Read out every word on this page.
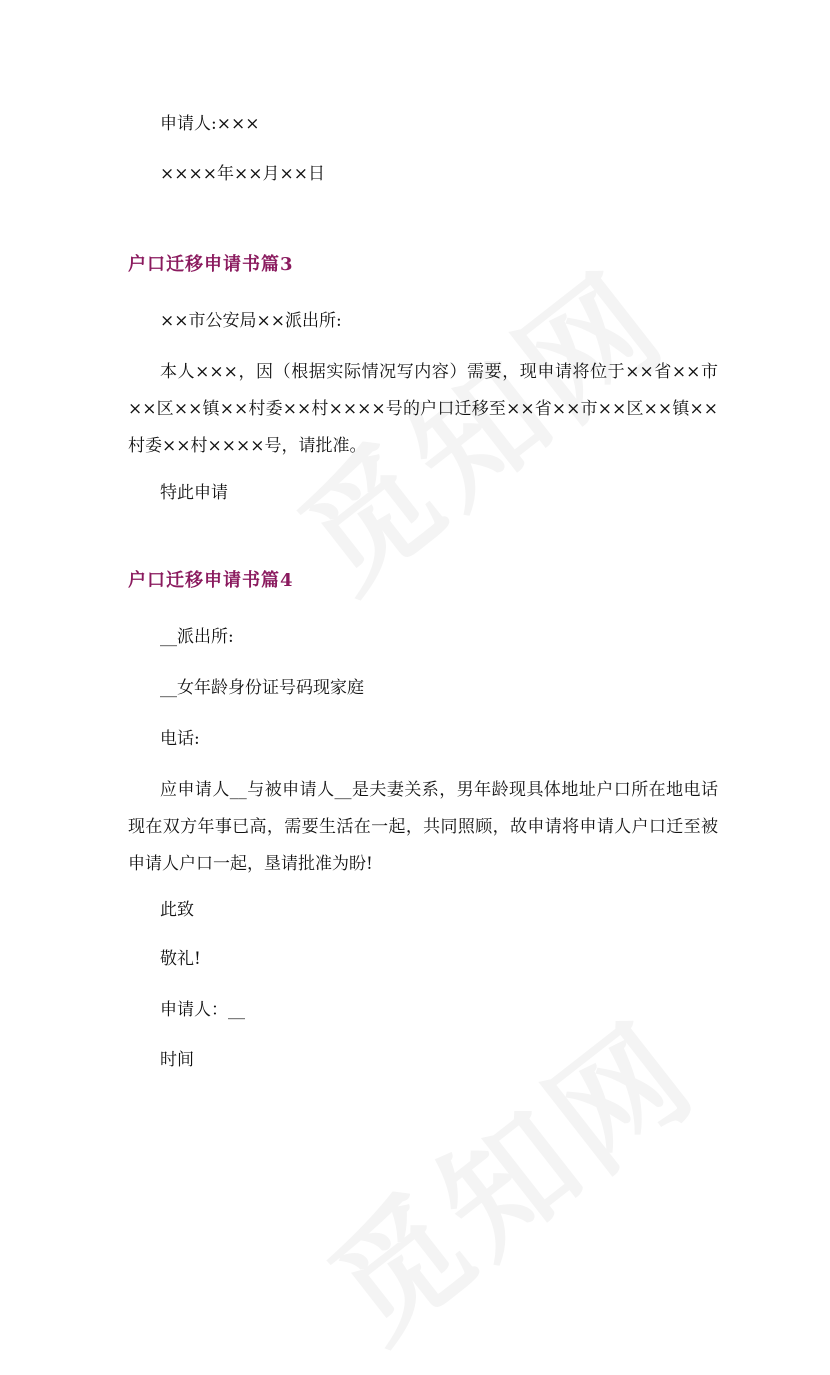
申请人:×××

××××年××月××日

户口迁移申请书篇3

××市公安局××派出所:

本人×××，因（根据实际情况写内容）需要，现申请将位于××省××市××区××镇××村委××村××××号的户口迁移至××省××市××区××镇××村委××村××××号，请批准。

特此申请

户口迁移申请书篇4

__派出所:

__女年龄身份证号码现家庭

电话:

应申请人__与被申请人__是夫妻关系，男年龄现具体地址户口所在地电话现在双方年事已高，需要生活在一起，共同照顾，故申请将申请人户口迁至被申请人户口一起，垦请批准为盼!

此致

敬礼!

申请人：__

时间
